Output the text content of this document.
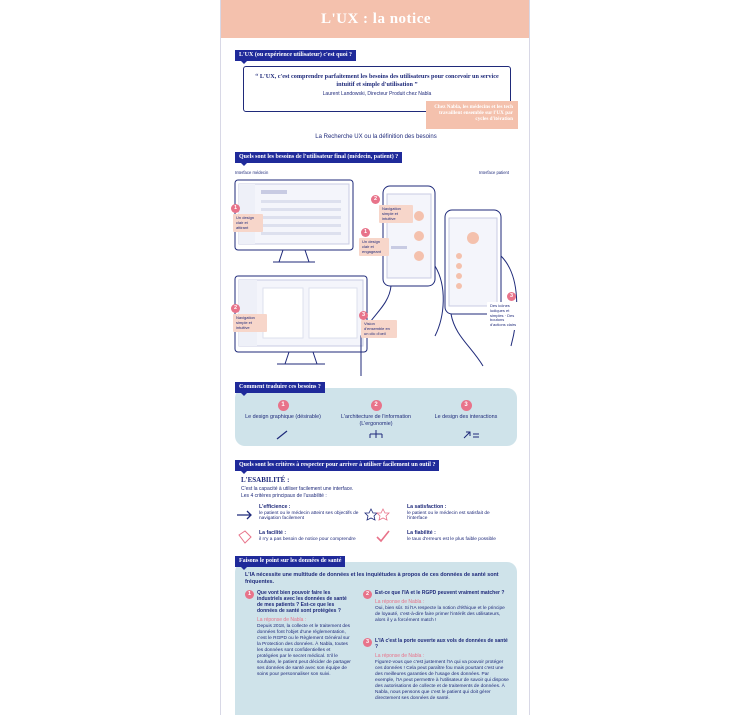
L'UX : la notice
L'UX (ou expérience utilisateur) c'est quoi ?
“ L'UX, c'est comprendre parfaitement les besoins des utilisateurs pour concevoir un service intuitif et simple d'utilisation ”
Laurent Landowski, Directeur Produit chez Nabla
Chez Nabla, les médecins et les tech travaillent ensemble sur l'UX par cycles d'itération
La Recherche UX ou la définition des besoins
Quels sont les besoins de l'utilisateur final (médecin, patient) ?
Interface médecin	Interface patient
1
Un design clair et attirant
2
Navigation simple et intuitive
1
Un design clair et engageant
2
Navigation simple et intuitive
3
Vision d'ensemble en un clic d'oeil
3
Des icônes ludiques et simples · Des boutons d'actions clairs
Comment traduire ces besoins ?
1
Le design graphique (désirable)
2
L'architecture de l'information (L'ergonomie)
3
Le design des interactions
Quels sont les critères à respecter pour arriver à utiliser facilement un outil ?
L'ESABILITÉ :
C'est la capacité à utiliser facilement une interface.
Les 4 critères principaux de l'usabilité :
L'efficience :
le patient ou le médecin atteint ses objectifs de navigation facilement
La satisfaction :
le patient ou le médecin est satisfait de l'interface
La facilité :
il n'y a pas besoin de notice pour comprendre
La fiabilité :
le taux d'erreurs est le plus faible possible
Faisons le point sur les données de santé
L'IA nécessite une multitude de données et les inquiétudes à propos de ces données de santé sont fréquentes.
1	Que vont bien pouvoir faire les industriels avec les données de santé de mes patients ? Est-ce que les données de santé sont protégées ?
La réponse de Nabla :
Depuis 2018, la collecte et le traitement des données font l'objet d'une réglementation, c'est le RGPD ou le Règlement Général sur la Protection des données. À Nabla, toutes les données sont confidentielles et protégées par le secret médical. S'il le souhaite, le patient peut décider de partager ses données de santé avec son équipe de soins pour personnaliser son suivi.
2	Est-ce que l'IA et le RGPD peuvent vraiment matcher ?
La réponse de Nabla :
Oui, bien sûr. Si l'IA respecte la notion d'éthique et le principe de loyauté, c'est-à-dire faire primer l'intérêt des utilisateurs, alors il y a forcément match !
3	L'IA c'est la porte ouverte aux vols de données de santé ?
La réponse de Nabla :
Figurez-vous que c'est justement l'IA qui va pouvoir protéger ces données ! Cela peut paraître fou mais pourtant c'est une des meilleures garanties de l'usage des données. Par exemple, l'IA peut permettre à l'utilisateur de savoir qui dispose des autorisations de collecte et de traitements de données. À Nabla, nous pensons que c'est le patient qui doit gérer directement ses données de santé.
